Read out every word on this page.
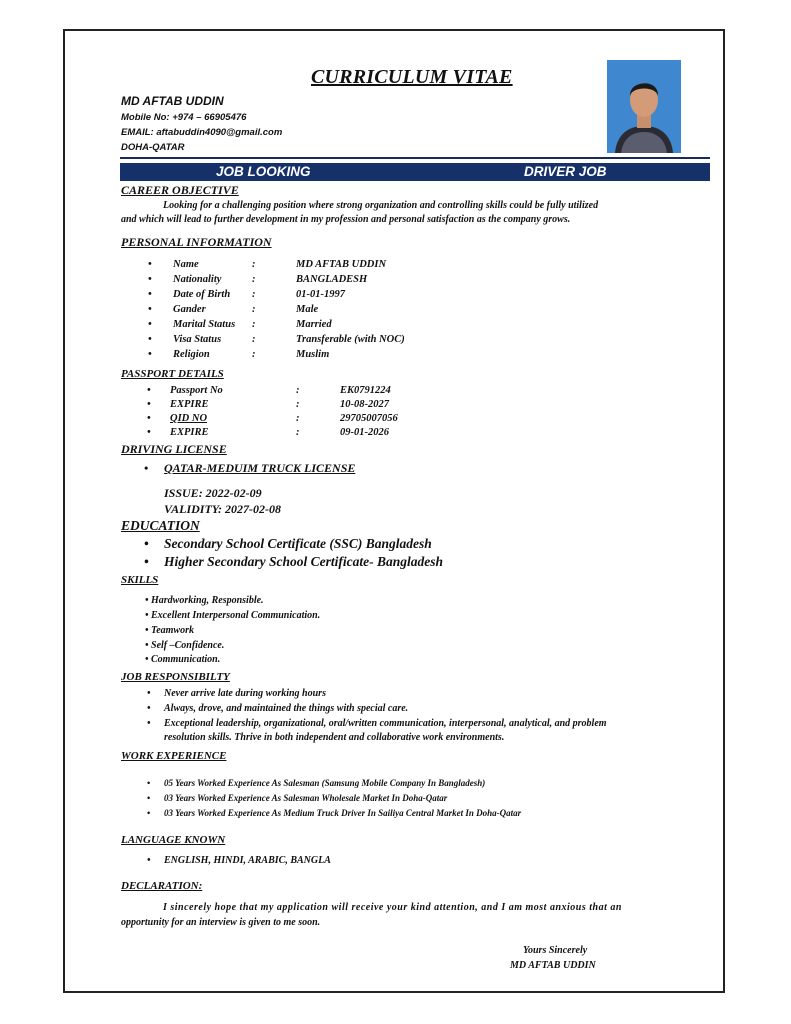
CURRICULUM VITAE
MD AFTAB UDDIN
Mobile No: +974 – 66905476
EMAIL: aftabuddin4090@gmail.com
DOHA-QATAR
JOB LOOKING	DRIVER JOB
CAREER OBJECTIVE
Looking for a challenging position where strong organization and controlling skills could be fully utilized
and which will lead to further development in my profession and personal satisfaction as the company grows.
PERSONAL INFORMATION
• Name	:	MD AFTAB UDDIN
• Nationality	:	BANGLADESH
• Date of Birth :	01-01-1997
• Gander	:	Male
• Marital Status :	Married
• Visa Status	:	Transferable (with NOC)
• Religion	:	Muslim
PASSPORT DETAILS
• Passport No	:	EK0791224
• EXPIRE	:	10-08-2027
• QID NO	:	29705007056
• EXPIRE	:	09-01-2026
DRIVING LICENSE
• QATAR-MEDUIM TRUCK LICENSE
ISSUE: 2022-02-09
VALIDITY: 2027-02-08
EDUCATION
• Secondary School Certificate (SSC) Bangladesh
• Higher Secondary School Certificate- Bangladesh
SKILLS
• Hardworking, Responsible.
• Excellent Interpersonal Communication.
• Teamwork
• Self –Confidence.
• Communication.
JOB RESPONSIBILTY
• Never arrive late during working hours
• Always, drove, and maintained the things with special care.
• Exceptional leadership, organizational, oral/written communication, interpersonal, analytical, and problem
resolution skills. Thrive in both independent and collaborative work environments.
WORK EXPERIENCE
• 05 Years Worked Experience As Salesman (Samsung Mobile Company In Bangladesh)
• 03 Years Worked Experience As Salesman Wholesale Market In Doha-Qatar
• 03 Years Worked Experience As Medium Truck Driver In Sailiya Central Market In Doha-Qatar
LANGUAGE KNOWN
• ENGLISH, HINDI, ARABIC, BANGLA
DECLARATION:
I sincerely hope that my application will receive your kind attention, and I am most anxious that an
opportunity for an interview is given to me soon.
Yours Sincerely
MD AFTAB UDDIN
